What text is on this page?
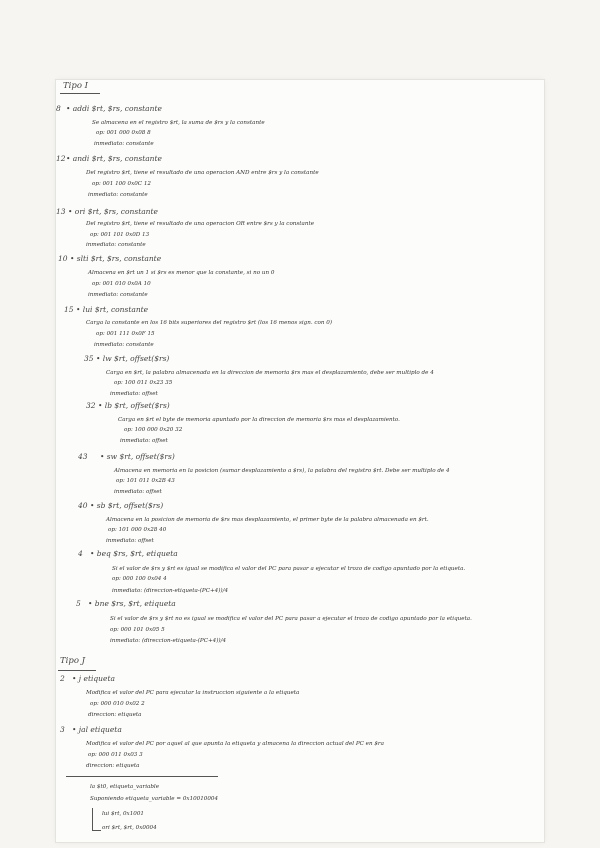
Tipo I
8 • addi $rt, $rs, constante
Se almacena en el registro $rt, la suma de $rs y la constante
op: 001 000 0x08 8
inmediato: constante
12 • andi $rt, $rs, constante
Del registro $rt, tiene el resultado de una operacion AND entre $rs y la constante
op: 001 100 0x0C 12
inmediato: constante
13 • ori $rt, $rs, constante
Del registro $rt, tiene el resultado de una operacion OR entre $rs y la constante
op: 001 101 0x0D 13
inmediato: constante
10 • slti $rt, $rs, constante
Almacena en $rt un 1 si $rs es menor que la constante, si no un 0
op: 001 010 0x0A 10
inmediato: constante
15 • lui $rt, constante
Carga la constante en los 16 bits superiores del registro $rt (los 16 menos sign. con 0)
op: 001 111 0x0F 15
inmediato: constante
35 • lw $rt, offset($rs)
Carga en $rt, la palabra almacenada en la direccion de memoria $rs mas el desplazamiento, debe ser multiplo de 4
op: 100 011 0x23 35
inmediato: offset
32 • lb $rt, offset($rs)
Carga en $rt el byte de memoria apuntado por la direccion de memoria $rs mas el desplazamiento.
op: 100 000 0x20 32
inmediato: offset
43 • sw $rt, offset($rs)
Almacena en memoria en la posicion (sumar desplazamiento a $rs), la palabra del registro $rt. Debe ser multiplo de 4
op: 101 011 0x2B 43
inmediato: offset
40 • sb $rt, offset($rs)
Almacena en la posicion de memoria de $rs mas desplazamiento, el primer byte de la palabra almacenada en $rt.
op: 101 000 0x28 40
inmediato: offset
4 • beq $rs, $rt, etiqueta
Si el valor de $rs y $rt es igual se modifica el valor del PC para pasar a ejecutar el trozo de codigo apuntado por la etiqueta.
op: 000 100 0x04 4
inmediato: (direccion-etiqueta-(PC+4))/4
5 • bne $rs, $rt, etiqueta
Si el valor de $rs y $rt no es igual se modifica el valor del PC para pasar a ejecutar el trozo de codigo apuntado por la etiqueta.
op: 000 101 0x05 5
inmediato: (direccion-etiqueta-(PC+4))/4
Tipo J
2 • j etiqueta
Modifica el valor del PC para ejecutar la instruccion siguiente a la etiqueta
op: 000 010 0x02 2
direccion: etiqueta
3 • jal etiqueta
Modifica el valor del PC por aquel al que apunta la etiqueta y almacena la direccion actual del PC en $ra
op: 000 011 0x03 3
direccion: etiqueta
la $t0, etiqueta_variable
Suponiendo etiqueta_variable = 0x10010004
lui $rt, 0x1001
ori $rt, $rt, 0x0004
